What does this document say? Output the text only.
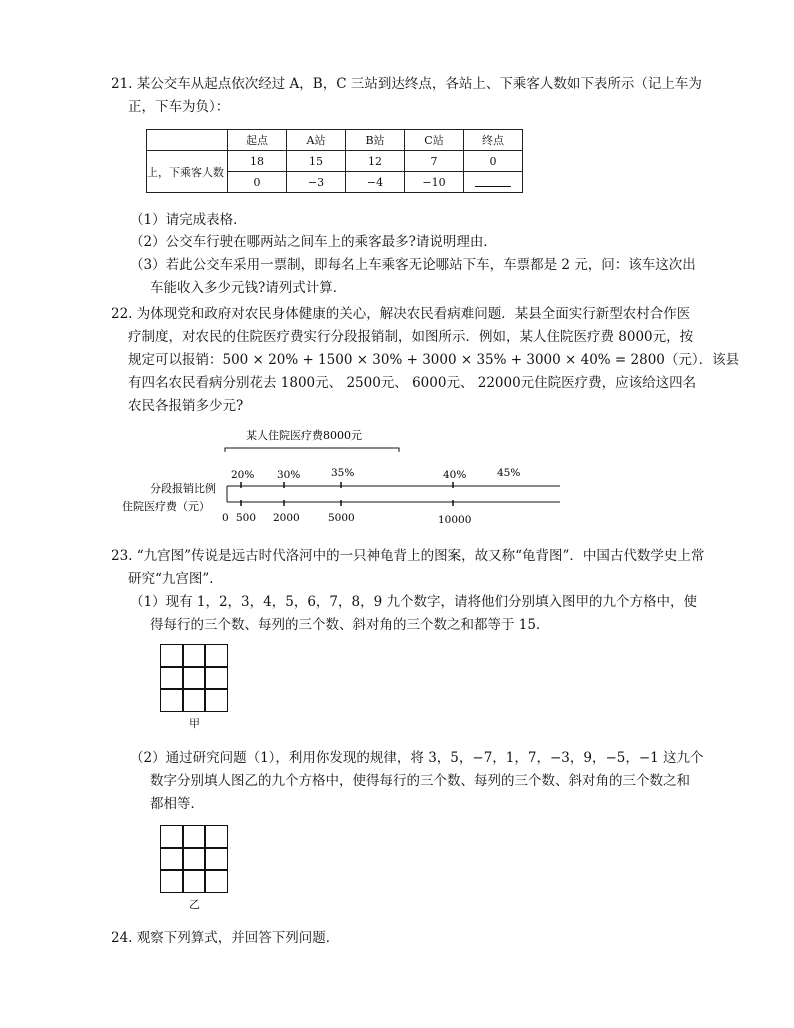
21. 某公交车从起点依次经过 A，B，C 三站到达终点，各站上、下乘客人数如下表所示（记上车为
正，下车为负）：
	起点	A站	B站	C站	终点
上，下乘客人数	18	15	12	7	0
	0	−3	−4	−10	
（1）请完成表格．
（2）公交车行驶在哪两站之间车上的乘客最多?请说明理由．
（3）若此公交车采用一票制，即每名上车乘客无论哪站下车，车票都是 2 元，问：该车这次出
车能收入多少元钱?请列式计算．
22. 为体现党和政府对农民身体健康的关心，解决农民看病难问题．某县全面实行新型农村合作医
疗制度，对农民的住院医疗费实行分段报销制，如图所示．例如，某人住院医疗费 8000元，按
规定可以报销：500 × 20% + 1500 × 30% + 3000 × 35% + 3000 × 40% = 2800（元）．该县
有四名农民看病分别花去 1800元、 2500元、 6000元、 22000元住院医疗费，应该给这四名
农民各报销多少元?
某人住院医疗费8000元
分段报销比例
住院医疗费（元）
20% 30%	35%	40%	45%
0 500 2000	5000	10000
23. “九宫图”传说是远古时代洛河中的一只神龟背上的图案，故又称“龟背图”．中国古代数学史上常
研究“九宫图”．
（1）现有 1，2，3，4，5，6，7，8，9 九个数字，请将他们分别填入图甲的九个方格中，使
得每行的三个数、每列的三个数、斜对角的三个数之和都等于 15．
甲
（2）通过研究问题（1），利用你发现的规律，将 3，5，−7，1，7，−3，9，−5，−1 这九个
数字分别填人图乙的九个方格中，使得每行的三个数、每列的三个数、斜对角的三个数之和
都相等．
乙
24. 观察下列算式，并回答下列问题．
